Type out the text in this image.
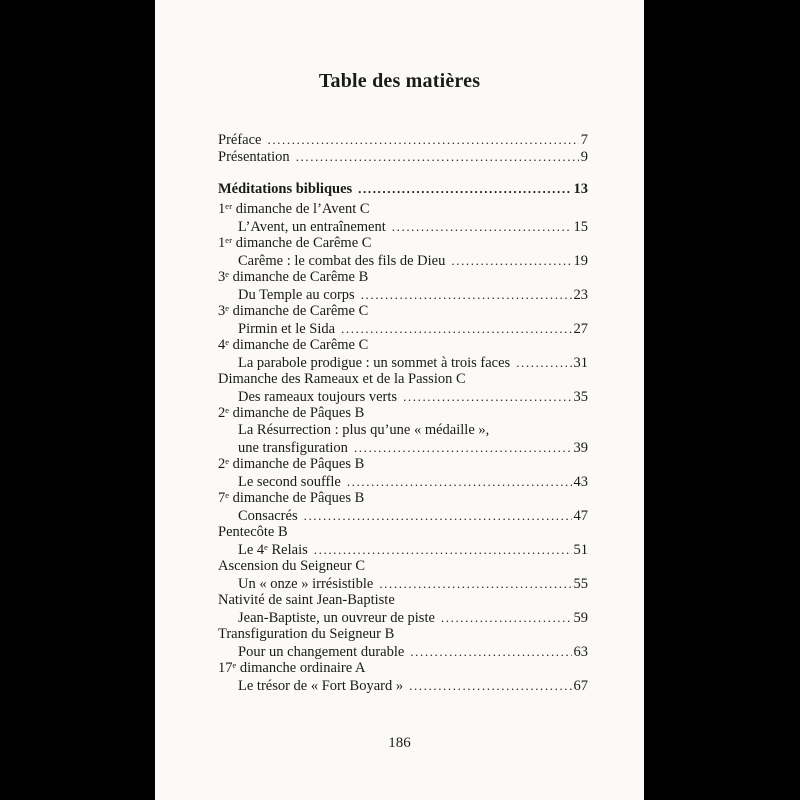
Table des matières
Préface .....	7
Présentation .....	9
Méditations bibliques .....	13
1ᵉʳ dimanche de l’Avent C
L’Avent, un entraînement .....	15
1ᵉʳ dimanche de Carême C
Carême : le combat des fils de Dieu .....	19
3ᵉ dimanche de Carême B
Du Temple au corps .....	23
3ᵉ dimanche de Carême C
Pirmin et le Sida .....	27
4ᵉ dimanche de Carême C
La parabole prodigue : un sommet à trois faces .....	31
Dimanche des Rameaux et de la Passion C
Des rameaux toujours verts .....	35
2ᵉ dimanche de Pâques B
La Résurrection : plus qu’une « médaille »,
une transfiguration .....	39
2ᵉ dimanche de Pâques B
Le second souffle .....	43
7ᵉ dimanche de Pâques B
Consacrés .....	47
Pentecôte B
Le 4ᵉ Relais .....	51
Ascension du Seigneur C
Un « onze » irrésistible .....	55
Nativité de saint Jean-Baptiste
Jean-Baptiste, un ouvreur de piste .....	59
Transfiguration du Seigneur B
Pour un changement durable .....	63
17ᵉ dimanche ordinaire A
Le trésor de « Fort Boyard » .....	67
186
